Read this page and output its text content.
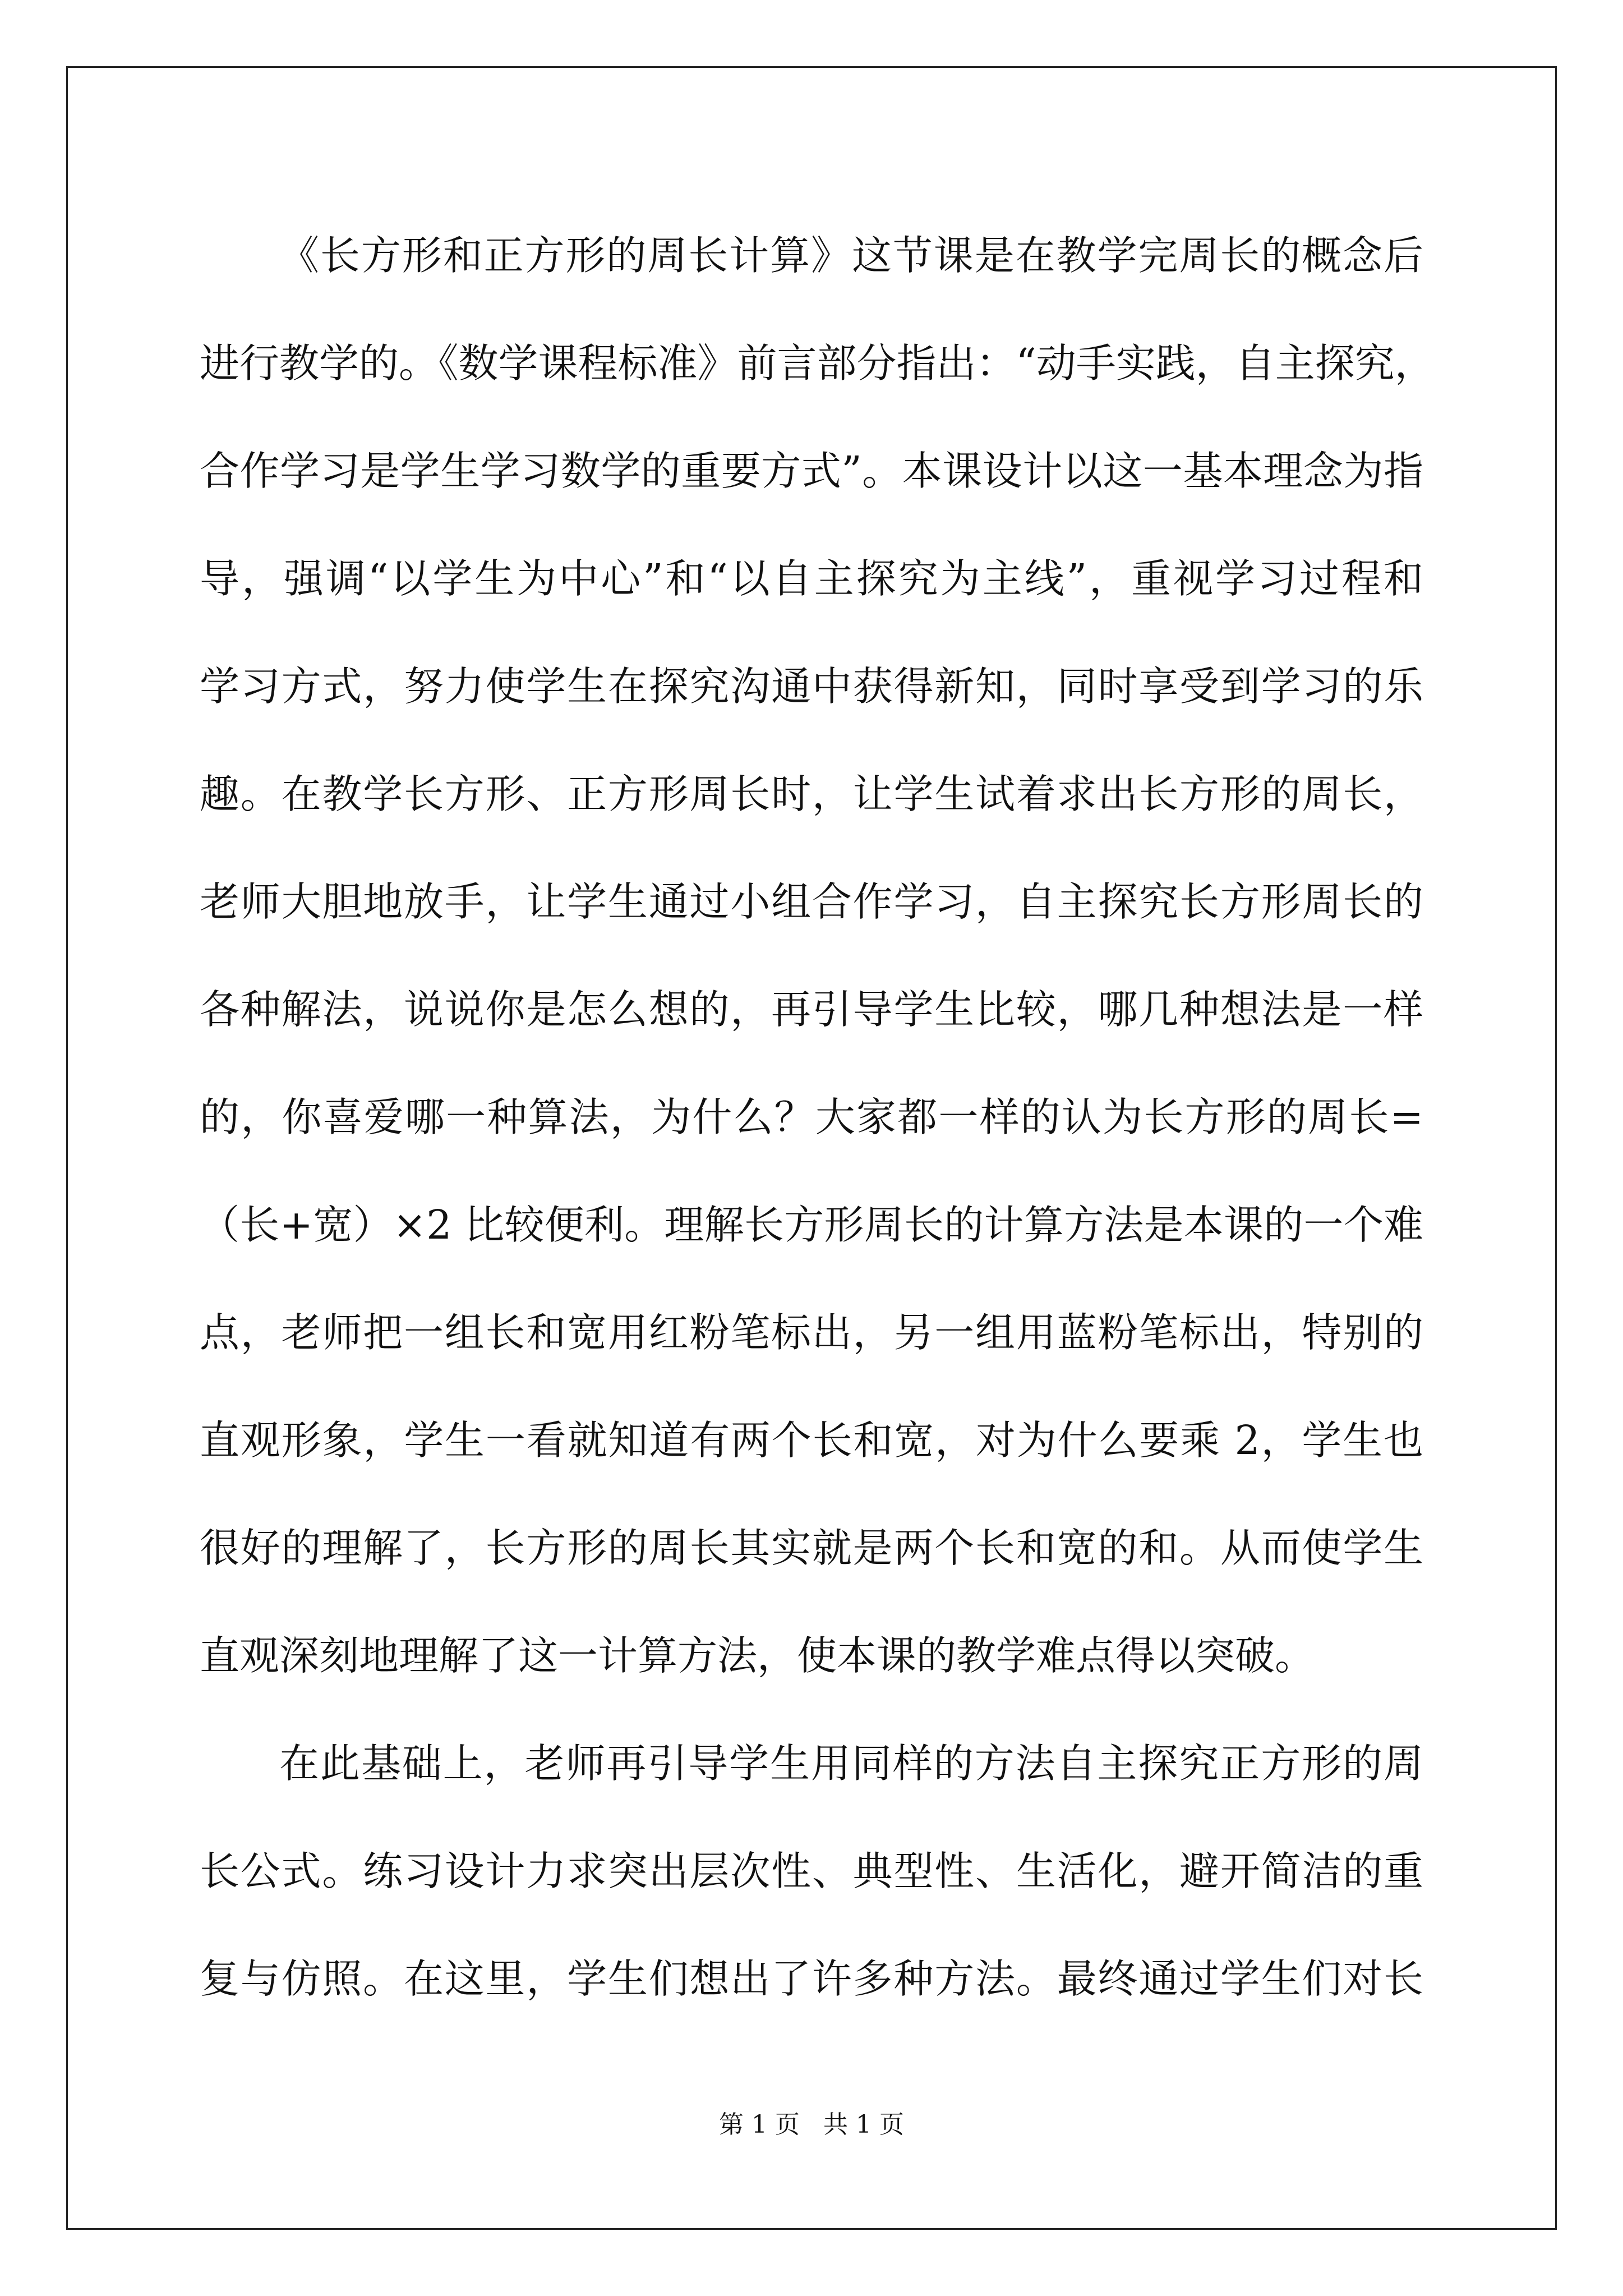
《长方形和正方形的周长计算》这节课是在教学完周长的概念后
进行教学的。《数学课程标准》前言部分指出：“动手实践，自主探究，
合作学习是学生学习数学的重要方式”。本课设计以这一基本理念为指
导，强调“以学生为中心”和“以自主探究为主线”，重视学习过程和
学习方式，努力使学生在探究沟通中获得新知，同时享受到学习的乐
趣。在教学长方形、正方形周长时，让学生试着求出长方形的周长，
老师大胆地放手，让学生通过小组合作学习，自主探究长方形周长的
各种解法，说说你是怎么想的，再引导学生比较，哪几种想法是一样
的，你喜爱哪一种算法，为什么？大家都一样的认为长方形的周长=
（长+宽）×2 比较便利。理解长方形周长的计算方法是本课的一个难
点，老师把一组长和宽用红粉笔标出，另一组用蓝粉笔标出，特别的
直观形象，学生一看就知道有两个长和宽，对为什么要乘 2，学生也
很好的理解了，长方形的周长其实就是两个长和宽的和。从而使学生
直观深刻地理解了这一计算方法，使本课的教学难点得以突破。
在此基础上，老师再引导学生用同样的方法自主探究正方形的周
长公式。练习设计力求突出层次性、典型性、生活化，避开简洁的重
复与仿照。在这里，学生们想出了许多种方法。最终通过学生们对长
第 1 页 共 1 页
